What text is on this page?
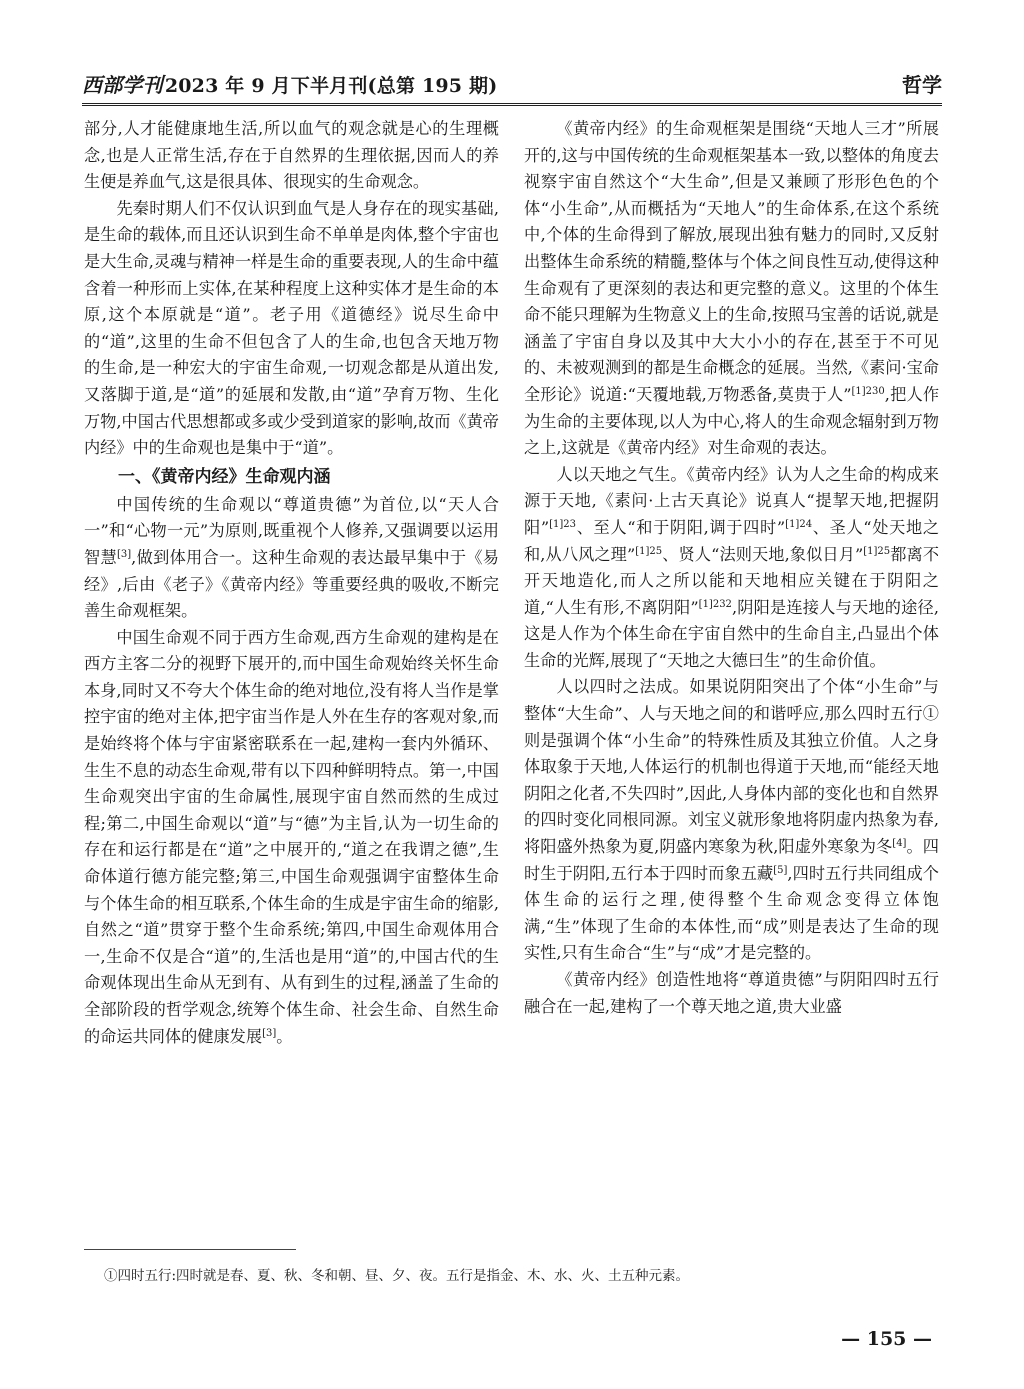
西部学刊 2023 年 9 月下半月刊(总第 195 期)	哲学

部分,人才能健康地生活,所以血气的观念就是心的生理概念,也是人正常生活,存在于自然界的生理依据,因而人的养生便是养血气,这是很具体、很现实的生命观念。

先秦时期人们不仅认识到血气是人身存在的现实基础,是生命的载体,而且还认识到生命不单单是肉体,整个宇宙也是大生命,灵魂与精神一样是生命的重要表现,人的生命中蕴含着一种形而上实体,在某种程度上这种实体才是生命的本原,这个本原就是“道”。老子用《道德经》说尽生命中的“道”,这里的生命不但包含了人的生命,也包含天地万物的生命,是一种宏大的宇宙生命观,一切观念都是从道出发,又落脚于道,是“道”的延展和发散,由“道”孕育万物、生化万物,中国古代思想都或多或少受到道家的影响,故而《黄帝内经》中的生命观也是集中于“道”。

一、《黄帝内经》生命观内涵

中国传统的生命观以“尊道贵德”为首位,以“天人合一”和“心物一元”为原则,既重视个人修养,又强调要以运用智慧[3],做到体用合一。这种生命观的表达最早集中于《易经》,后由《老子》《黄帝内经》等重要经典的吸收,不断完善生命观框架。

中国生命观不同于西方生命观,西方生命观的建构是在西方主客二分的视野下展开的,而中国生命观始终关怀生命本身,同时又不夸大个体生命的绝对地位,没有将人当作是掌控宇宙的绝对主体,把宇宙当作是人外在生存的客观对象,而是始终将个体与宇宙紧密联系在一起,建构一套内外循环、生生不息的动态生命观,带有以下四种鲜明特点。第一,中国生命观突出宇宙的生命属性,展现宇宙自然而然的生成过程;第二,中国生命观以“道”与“德”为主旨,认为一切生命的存在和运行都是在“道”之中展开的,“道之在我谓之德”,生命体道行德方能完整;第三,中国生命观强调宇宙整体生命与个体生命的相互联系,个体生命的生成是宇宙生命的缩影,自然之“道”贯穿于整个生命系统;第四,中国生命观体用合一,生命不仅是合“道”的,生活也是用“道”的,中国古代的生命观体现出生命从无到有、从有到生的过程,涵盖了生命的全部阶段的哲学观念,统筹个体生命、社会生命、自然生命的命运共同体的健康发展[3]。

《黄帝内经》的生命观框架是围绕“天地人三才”所展开的,这与中国传统的生命观框架基本一致,以整体的角度去视察宇宙自然这个“大生命”,但是又兼顾了形形色色的个体“小生命”,从而概括为“天地人”的生命体系,在这个系统中,个体的生命得到了解放,展现出独有魅力的同时,又反射出整体生命系统的精髓,整体与个体之间良性互动,使得这种生命观有了更深刻的表达和更完整的意义。这里的个体生命不能只理解为生物意义上的生命,按照马宝善的话说,就是涵盖了宇宙自身以及其中大大小小的存在,甚至于不可见的、未被观测到的都是生命概念的延展。当然,《素问·宝命全形论》说道:“天覆地载,万物悉备,莫贵于人”$^{[1]230}$,把人作为生命的主要体现,以人为中心,将人的生命观念辐射到万物之上,这就是《黄帝内经》对生命观的表达。

人以天地之气生。《黄帝内经》认为人之生命的构成来源于天地,《素问·上古天真论》说真人“提挈天地,把握阴阳”$^{[1]23}$、至人“和于阴阳,调于四时”$^{[1]24}$、圣人“处天地之和,从八风之理”$^{[1]25}$、贤人“法则天地,象似日月”$^{[1]25}$都离不开天地造化,而人之所以能和天地相应关键在于阴阳之道,“人生有形,不离阴阳”$^{[1]232}$,阴阳是连接人与天地的途径,这是人作为个体生命在宇宙自然中的生命自主,凸显出个体生命的光辉,展现了“天地之大德曰生”的生命价值。

人以四时之法成。如果说阴阳突出了个体“小生命”与整体“大生命”、人与天地之间的和谐呼应,那么四时五行①则是强调个体“小生命”的特殊性质及其独立价值。人之身体取象于天地,人体运行的机制也得道于天地,而“能经天地阴阳之化者,不失四时”,因此,人身体内部的变化也和自然界的四时变化同根同源。刘宝义就形象地将阴虚内热象为春,将阳盛外热象为夏,阴盛内寒象为秋,阳虚外寒象为冬[4]。四时生于阴阳,五行本于四时而象五藏[5],四时五行共同组成个体生命的运行之理,使得整个生命观念变得立体饱满,“生”体现了生命的本体性,而“成”则是表达了生命的现实性,只有生命合“生”与“成”才是完整的。

《黄帝内经》创造性地将“尊道贵德”与阴阳四时五行融合在一起,建构了一个尊天地之道,贵大业盛

①四时五行:四时就是春、夏、秋、冬和朝、昼、夕、夜。五行是指金、木、水、火、土五种元素。
— 155 —
